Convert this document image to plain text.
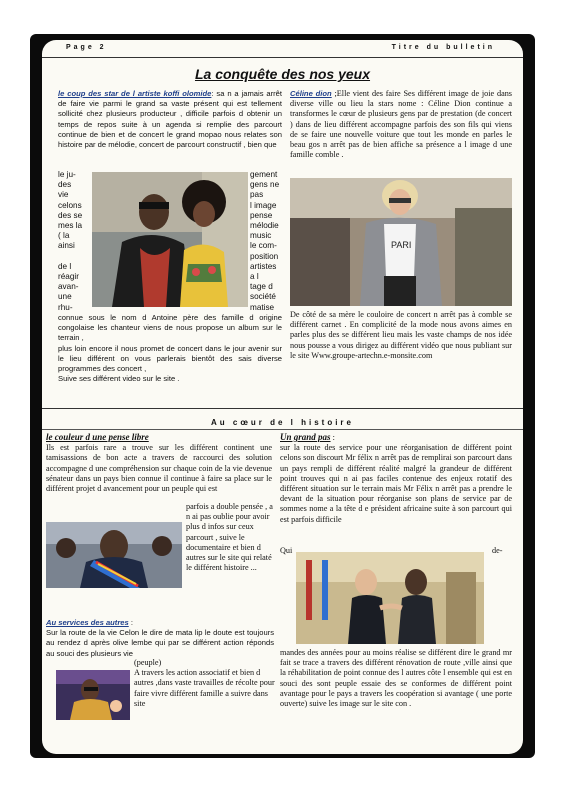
Page 2	Titre du bulletin
La conquête des nos yeux
le coup des star de l artiste koffi olomide: sa n a jamais arrêt de faire vie parmi le grand sa vaste présent qui est tellement sollicité chez plusieurs producteur , difficile parfois d obtenir un temps de repos suite à un agenda si remplie des parcourt continue de bien et de concert le grand mopao nous relates son histoire par de mélodie, concert de parcourt constructif , bien que
le ju-
des
vie
celons
des se
mes la
( la
ainsi

de l
réagir
avan-
une
rhu-
gement
gens ne
pas
l image
pense
mélodie
music
le com-
position
artistes
a l
tage d
société
matise
connue sous le nom d Antoine père des famille d origine congolaise les chanteur viens de nous propose un album sur le terrain ,
plus loin encore il nous promet de concert dans le jour avenir sur le lieu différent on vous parlerais bientôt des sais diverse programmes des concert ,
Suive ses différent video sur le site .
Céline dion ;Elle vient des faire Ses différent image de joie dans diverse ville ou lieu la stars nome : Céline Dion continue a transformes le cœur de plusieurs gens par de prestation (de concert ) dans de lieu différent accompagne parfois des son fils qui viens de se faire une nouvelle voiture que tout les monde en parles le beau gos n arrêt pas de bien affiche sa présence a l image d une famille comble .
PARI
De côté de sa mère le couloire de concert n arrêt pas à comble se différent carnet . En complicité de la mode nous avons aimes en parles plus des se différent lieu mais les vaste champs de nos idée nous pousse a vous dirigez au différent vidéo que nous publiant sur le site Www.groupe-artechn.e-monsite.com
Au cœur de l histoire
le couleur d une pense libre
Ils est parfois rare a trouve sur les différent continent une tamisassions de bon acte a travers de raccourci des solution accompagne d une compréhension sur chaque coin de la vie devenue sénateur dans un pays bien connue il continue à faire sa place sur le différent projet d avancement pour un peuple qui est
parfois a double pensée , a n ai pas oublie pour avoir plus d infos sur ceux parcourt , suive le documentaire et bien d autres sur le site qui relaté le différent histoire ...
Au services des autres :
Sur la route de la vie Celon le dire de mata lip le doute est toujours au rendez d après olive lembe qui par se différent action réponds au souci des plusieurs vie
(peuple)
A travers les action associatif et bien d autres ,dans vaste travailles de récolte pour faire vivre différent famille a suivre dans site
Un grand pas :
sur la route des service pour une réorganisation de différent point celons son discourt Mr félix n arrêt pas de remplirai son parcourt dans un pays rempli de différent réalité malgré la grandeur de différent point trouves qui n ai pas faciles contenue des enjeux rotatif des différent situation sur le terrain mais Mr Félix n arrêt pas a prendre le devant de la situation pour réorganise son plans de service par de sommes nome a la tête d e président africaine suite à son parcourt qui est parfois difficile
Qui	de-
mandes des années pour au moins réalise se différent dire le grand mr fait se trace a travers des différent rénovation de route ,ville ainsi que la réhabilitation de point connue des l autres côte l ensemble qui est en souci des sont peuple essaie des se conformes de différent point avantage pour le pays a travers les coopération si avantage ( une porte ouverte) suive les image sur le site con .
